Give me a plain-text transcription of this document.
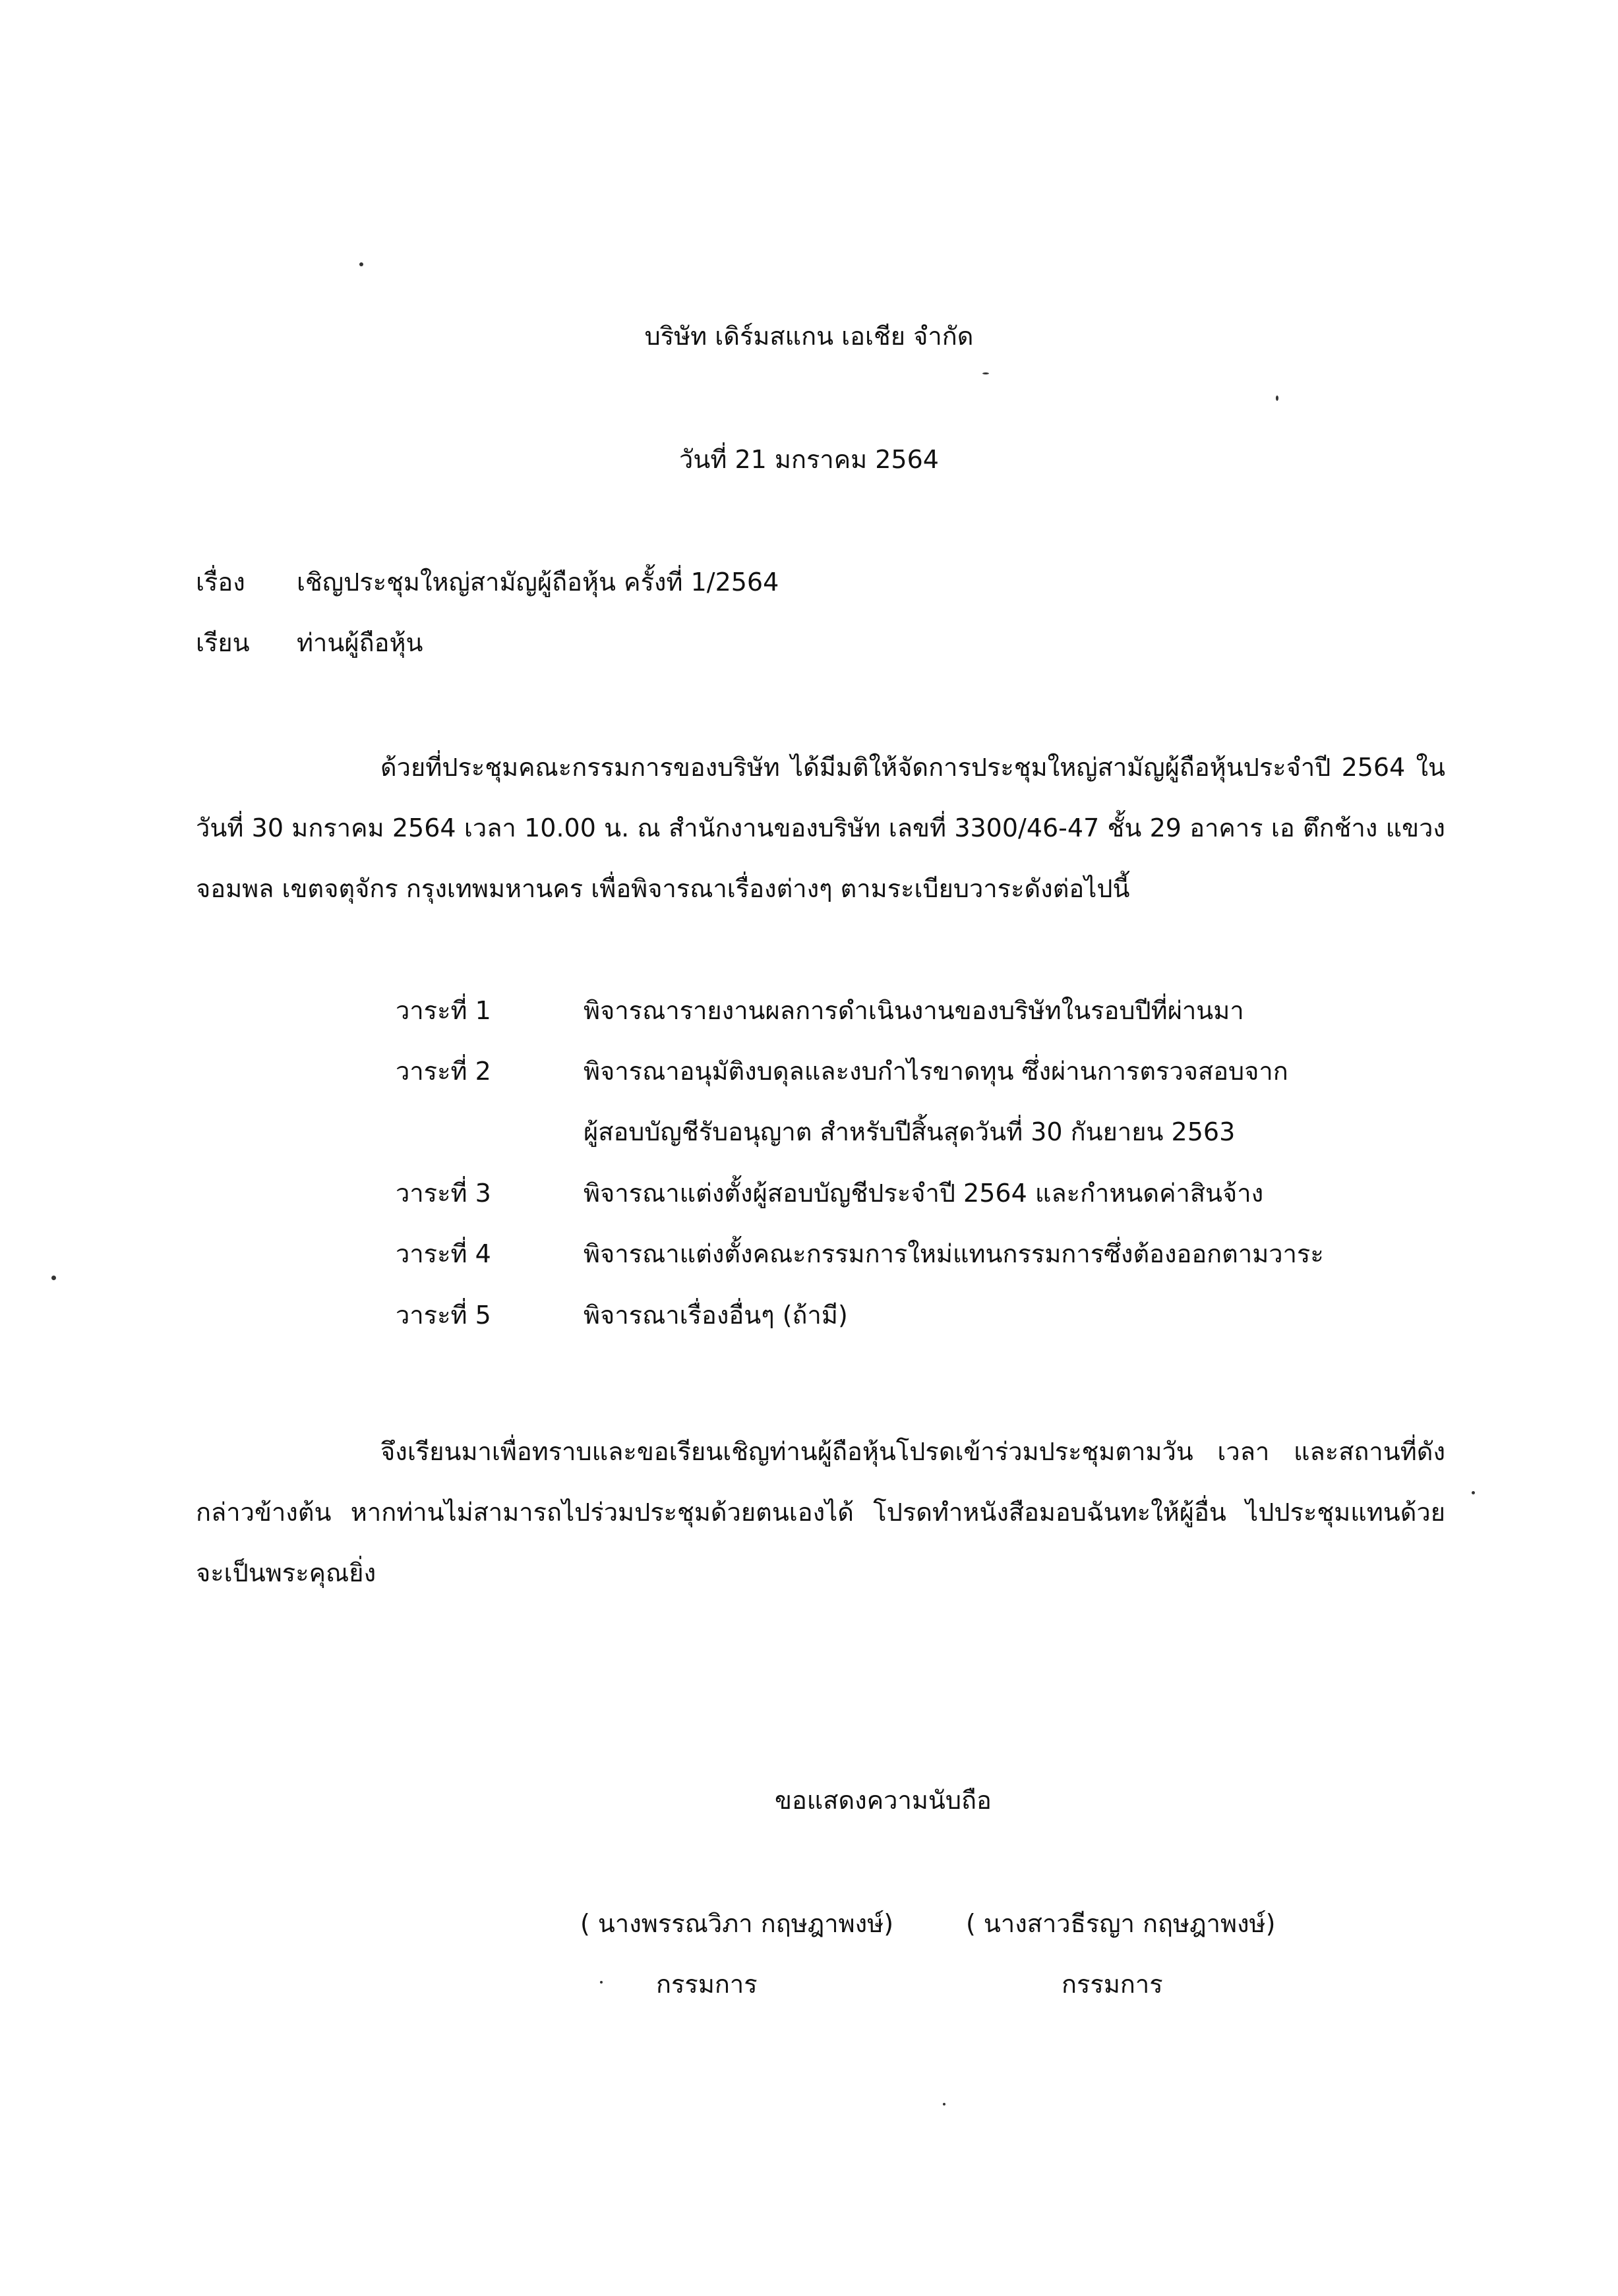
บริษัท เดิร์มสแกน เอเชีย จำกัด
วันที่ 21 มกราคม 2564
เรื่อง เชิญประชุมใหญ่สามัญผู้ถือหุ้น ครั้งที่ 1/2564
เรียน ท่านผู้ถือหุ้น
ด้วยที่ประชุมคณะกรรมการของบริษัท ได้มีมติให้จัดการประชุมใหญ่สามัญผู้ถือหุ้นประจำปี 2564 ในวันที่ 30 มกราคม 2564 เวลา 10.00 น. ณ สำนักงานของบริษัท เลขที่ 3300/46-47 ชั้น 29 อาคาร เอ ตึกช้าง แขวงจอมพล เขตจตุจักร กรุงเทพมหานคร เพื่อพิจารณาเรื่องต่างๆ ตามระเบียบวาระดังต่อไปนี้
วาระที่ 1	พิจารณารายงานผลการดำเนินงานของบริษัทในรอบปีที่ผ่านมา
วาระที่ 2	พิจารณาอนุมัติงบดุลและงบกำไรขาดทุน ซึ่งผ่านการตรวจสอบจาก
ผู้สอบบัญชีรับอนุญาต สำหรับปีสิ้นสุดวันที่ 30 กันยายน 2563
วาระที่ 3	พิจารณาแต่งตั้งผู้สอบบัญชีประจำปี 2564 และกำหนดค่าสินจ้าง
วาระที่ 4	พิจารณาแต่งตั้งคณะกรรมการใหม่แทนกรรมการซึ่งต้องออกตามวาระ
วาระที่ 5	พิจารณาเรื่องอื่นๆ (ถ้ามี)
จึงเรียนมาเพื่อทราบและขอเรียนเชิญท่านผู้ถือหุ้นโปรดเข้าร่วมประชุมตามวัน เวลา และสถานที่ดังกล่าวข้างต้น หากท่านไม่สามารถไปร่วมประชุมด้วยตนเองได้ โปรดทำหนังสือมอบฉันทะให้ผู้อื่น ไปประชุมแทนด้วย จะเป็นพระคุณยิ่ง
ขอแสดงความนับถือ
( นางพรรณวิภา กฤษฎาพงษ์)	( นางสาวธีรญา กฤษฎาพงษ์)
กรรมการ	กรรมการ
